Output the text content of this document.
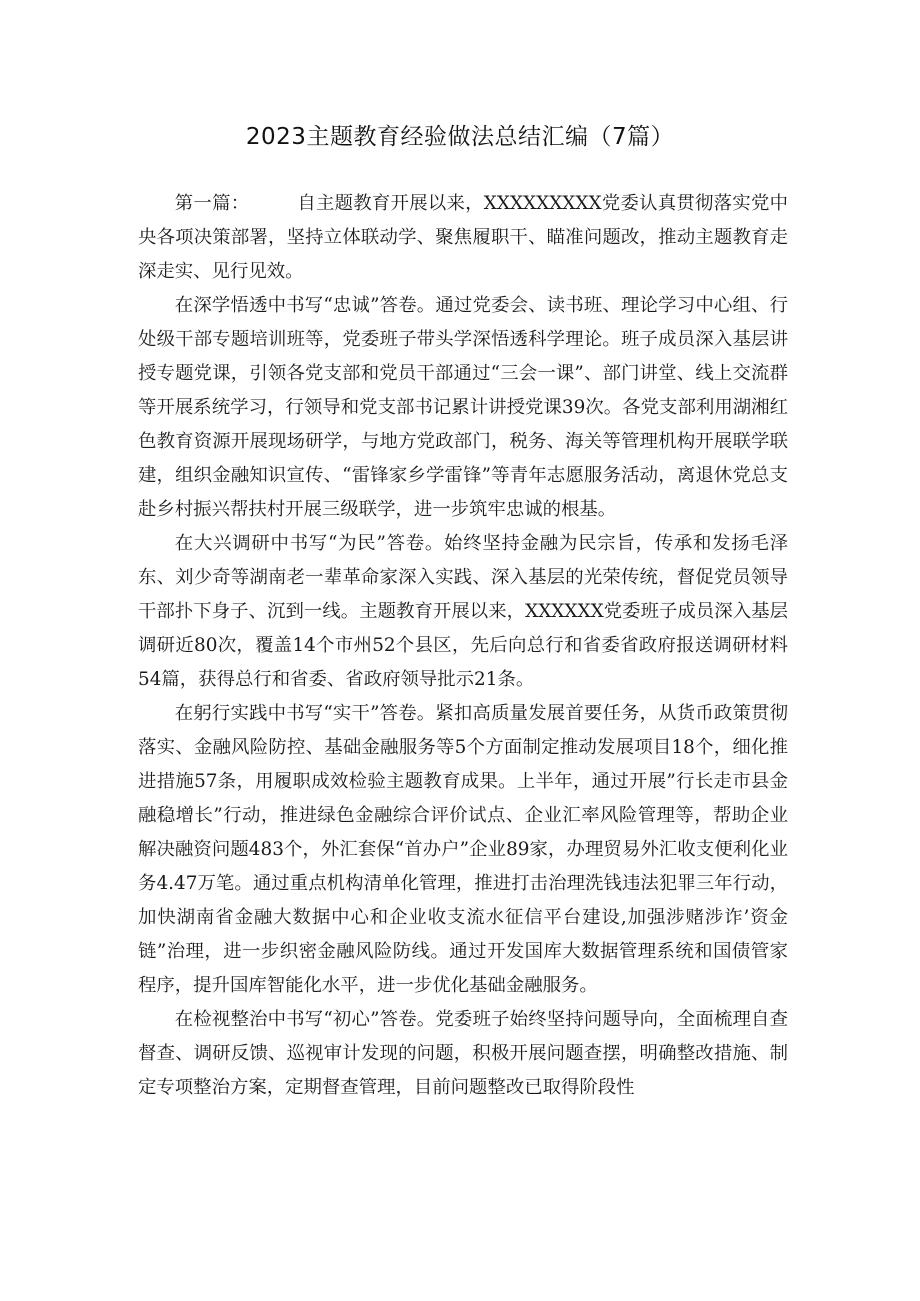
2023主题教育经验做法总结汇编（7篇）

第一篇：	自主题教育开展以来，XXXXXXXXX党委认真贯彻落实党中央各项决策部署，坚持立体联动学、聚焦履职干、瞄准问题改，推动主题教育走深走实、见行见效。

在深学悟透中书写“忠诚”答卷。通过党委会、读书班、理论学习中心组、行处级干部专题培训班等，党委班子带头学深悟透科学理论。班子成员深入基层讲授专题党课，引领各党支部和党员干部通过“三会一课”、部门讲堂、线上交流群等开展系统学习，行领导和党支部书记累计讲授党课39次。各党支部利用湖湘红色教育资源开展现场研学，与地方党政部门，税务、海关等管理机构开展联学联建，组织金融知识宣传、“雷锋家乡学雷锋”等青年志愿服务活动，离退休党总支赴乡村振兴帮扶村开展三级联学，进一步筑牢忠诚的根基。

在大兴调研中书写“为民”答卷。始终坚持金融为民宗旨，传承和发扬毛泽东、刘少奇等湖南老一辈革命家深入实践、深入基层的光荣传统，督促党员领导干部扑下身子、沉到一线。主题教育开展以来，XXXXXX党委班子成员深入基层调研近80次，覆盖14个市州52个县区，先后向总行和省委省政府报送调研材料54篇，获得总行和省委、省政府领导批示21条。

在躬行实践中书写“实干”答卷。紧扣高质量发展首要任务，从货币政策贯彻落实、金融风险防控、基础金融服务等5个方面制定推动发展项目18个，细化推进措施57条，用履职成效检验主题教育成果。上半年，通过开展”行长走市县金融稳增长”行动，推进绿色金融综合评价试点、企业汇率风险管理等，帮助企业解决融资问题483个，外汇套保“首办户”企业89家，办理贸易外汇收支便利化业务4.47万笔。通过重点机构清单化管理，推进打击治理洗钱违法犯罪三年行动，加快湖南省金融大数据中心和企业收支流水征信平台建设,加强涉赌涉诈’资金链”治理，进一步织密金融风险防线。通过开发国库大数据管理系统和国债管家程序，提升国库智能化水平，进一步优化基础金融服务。

在检视整治中书写“初心”答卷。党委班子始终坚持问题导向，全面梳理自查督查、调研反馈、巡视审计发现的问题，积极开展问题查摆，明确整改措施、制定专项整治方案，定期督查管理，目前问题整改已取得阶段性
